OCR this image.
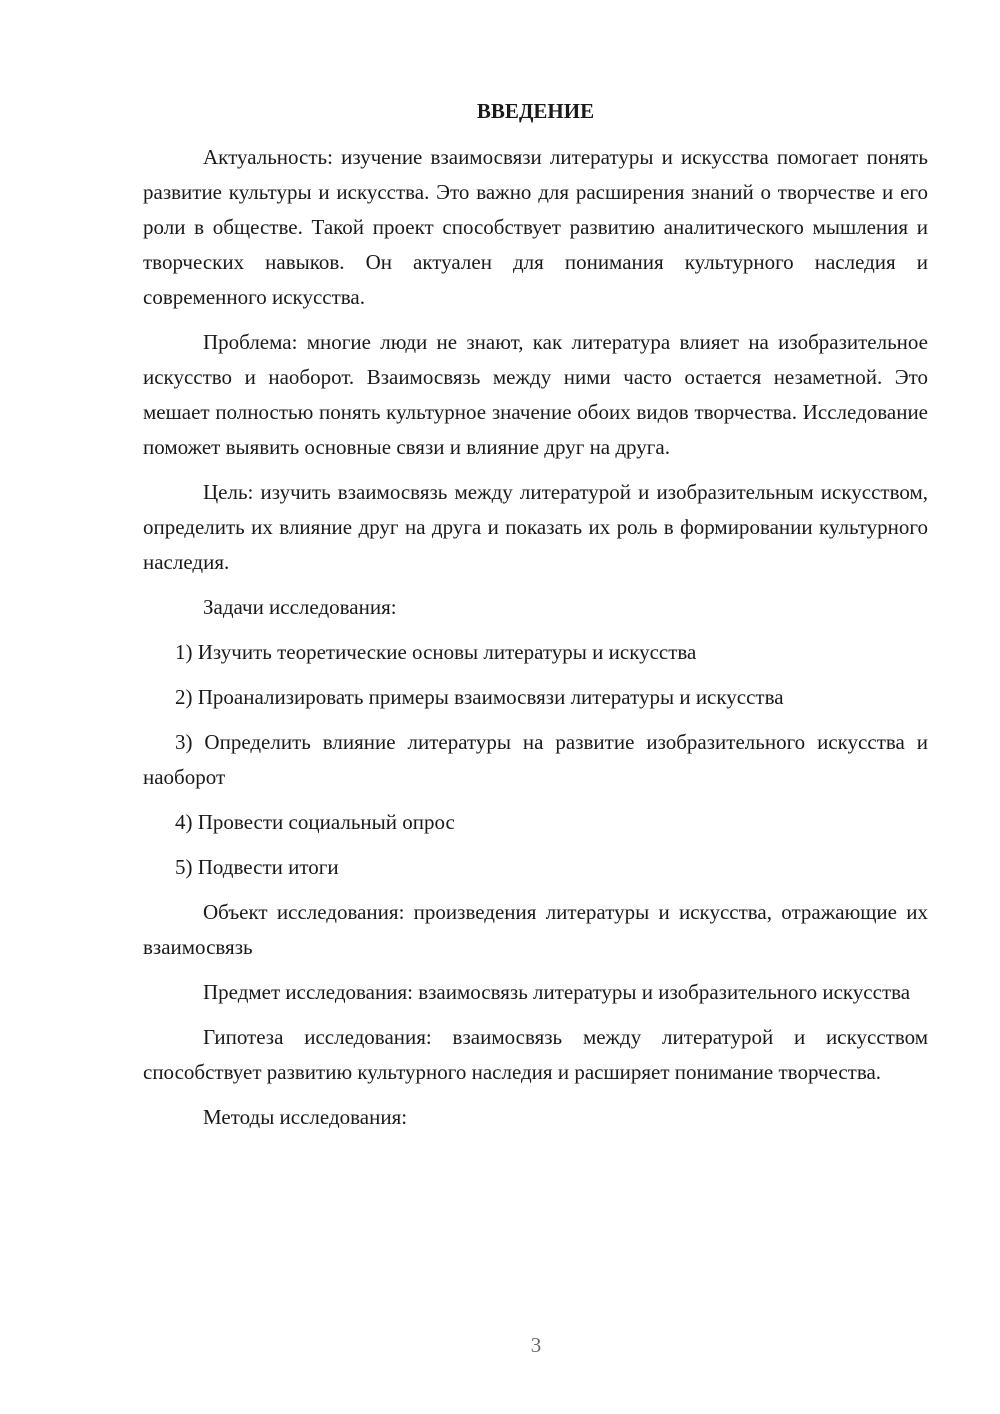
ВВЕДЕНИЕ

Актуальность: изучение взаимосвязи литературы и искусства помогает понять развитие культуры и искусства. Это важно для расширения знаний о творчестве и его роли в обществе. Такой проект способствует развитию аналитического мышления и творческих навыков. Он актуален для понимания культурного наследия и современного искусства.

Проблема: многие люди не знают, как литература влияет на изобразительное искусство и наоборот. Взаимосвязь между ними часто остается незаметной. Это мешает полностью понять культурное значение обоих видов творчества. Исследование поможет выявить основные связи и влияние друг на друга.

Цель: изучить взаимосвязь между литературой и изобразительным искусством, определить их влияние друг на друга и показать их роль в формировании культурного наследия.

Задачи исследования:

1) Изучить теоретические основы литературы и искусства

2) Проанализировать примеры взаимосвязи литературы и искусства

3) Определить влияние литературы на развитие изобразительного искусства и наоборот

4) Провести социальный опрос

5) Подвести итоги

Объект исследования: произведения литературы и искусства, отражающие их взаимосвязь

Предмет исследования: взаимосвязь литературы и изобразительного искусства

Гипотеза исследования: взаимосвязь между литературой и искусством способствует развитию культурного наследия и расширяет понимание творчества.

Методы исследования:

3
